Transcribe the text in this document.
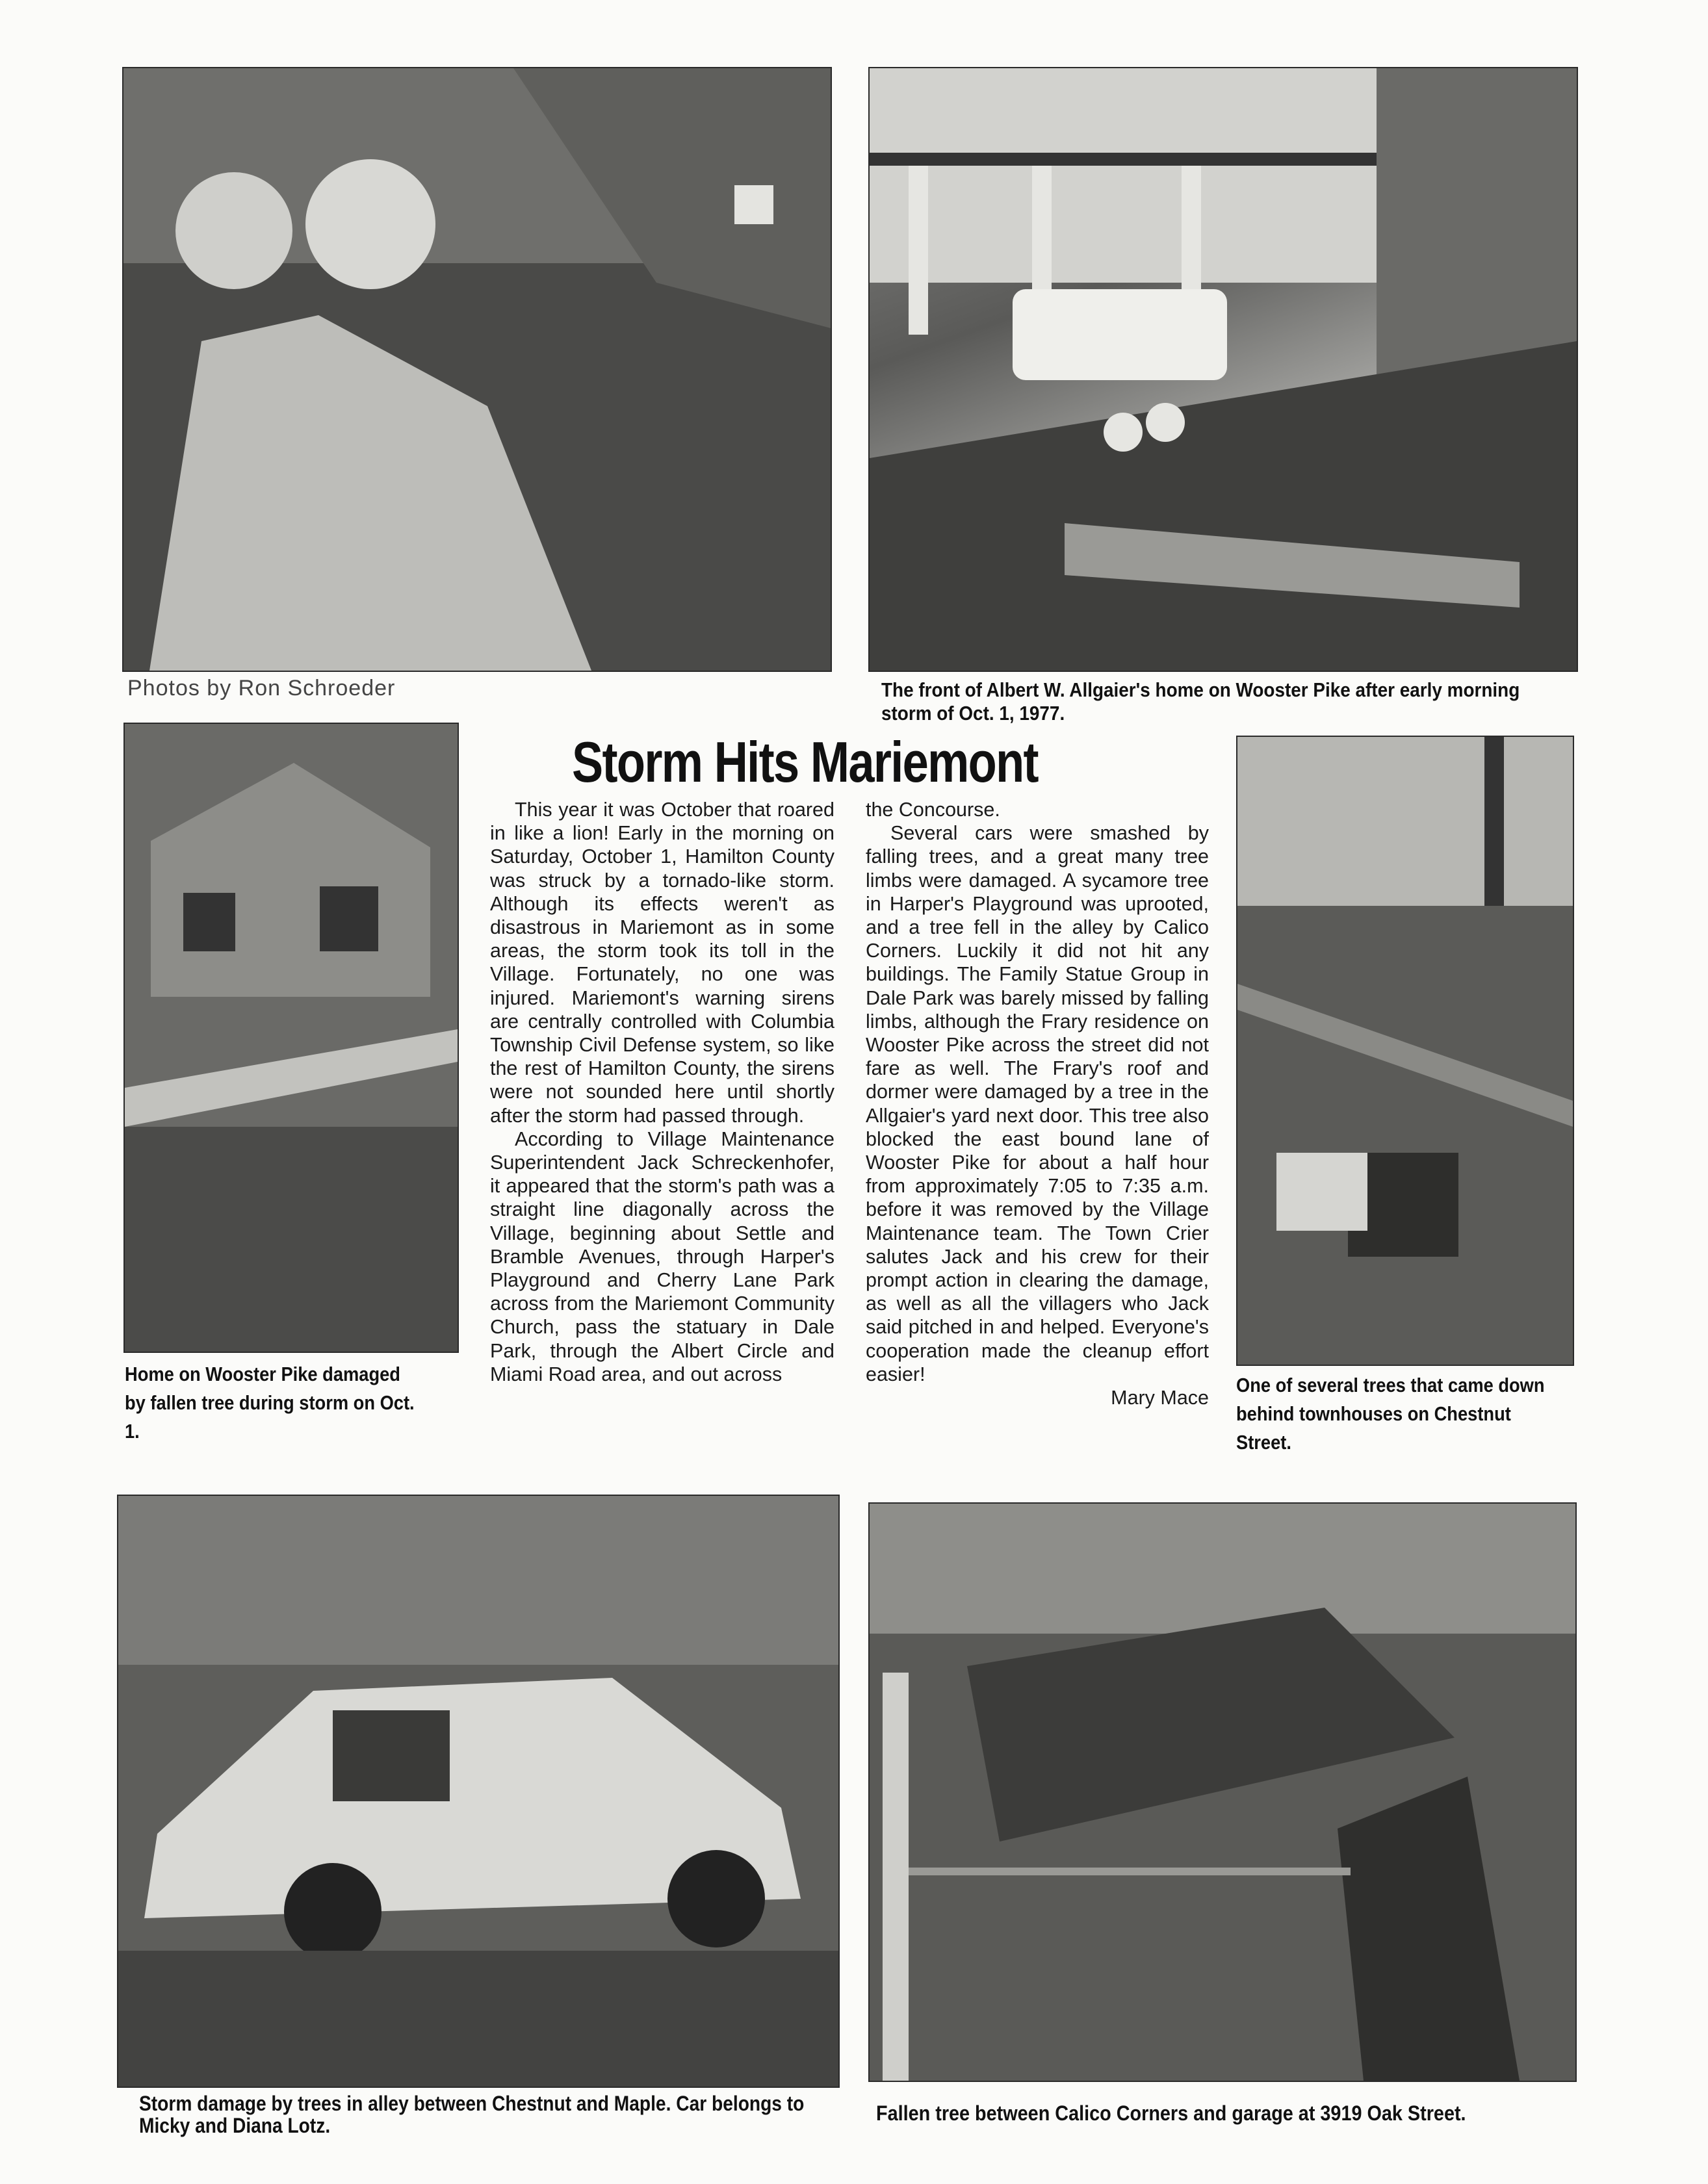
Photos by Ron Schroeder	The front of Albert W. Allgaier's home on Wooster Pike after early morning storm of Oct. 1, 1977.
Home on Wooster Pike damaged by fallen tree during storm on Oct. 1.
Storm Hits Mariemont

This year it was October that roared in like a lion! Early in the morning on Saturday, October 1, Hamilton County was struck by a tornado-like storm. Although its effects weren't as disastrous in Mariemont as in some areas, the storm took its toll in the Village. Fortunately, no one was injured. Mariemont's warning sirens are centrally controlled with Columbia Township Civil Defense system, so like the rest of Hamilton County, the sirens were not sounded here until shortly after the storm had passed through.

According to Village Maintenance Superintendent Jack Schreckenhofer, it appeared that the storm's path was a straight line diagonally across the Village, beginning about Settle and Bramble Avenues, through Harper's Playground and Cherry Lane Park across from the Mariemont Community Church, pass the statuary in Dale Park, through the Albert Circle and Miami Road area, and out across

the Concourse.

Several cars were smashed by falling trees, and a great many tree limbs were damaged. A sycamore tree in Harper's Playground was uprooted, and a tree fell in the alley by Calico Corners. Luckily it did not hit any buildings. The Family Statue Group in Dale Park was barely missed by falling limbs, although the Frary residence on Wooster Pike across the street did not fare as well. The Frary's roof and dormer were damaged by a tree in the Allgaier's yard next door. This tree also blocked the east bound lane of Wooster Pike for about a half hour from approximately 7:05 to 7:35 a.m. before it was removed by the Village Maintenance team. The Town Crier salutes Jack and his crew for their prompt action in clearing the damage, as well as all the villagers who Jack said pitched in and helped. Everyone's cooperation made the cleanup effort easier!

Mary Mace
One of several trees that came down behind townhouses on Chestnut Street.
Storm damage by trees in alley between Chestnut and Maple. Car belongs to Micky and Diana Lotz.
Fallen tree between Calico Corners and garage at 3919 Oak Street.
